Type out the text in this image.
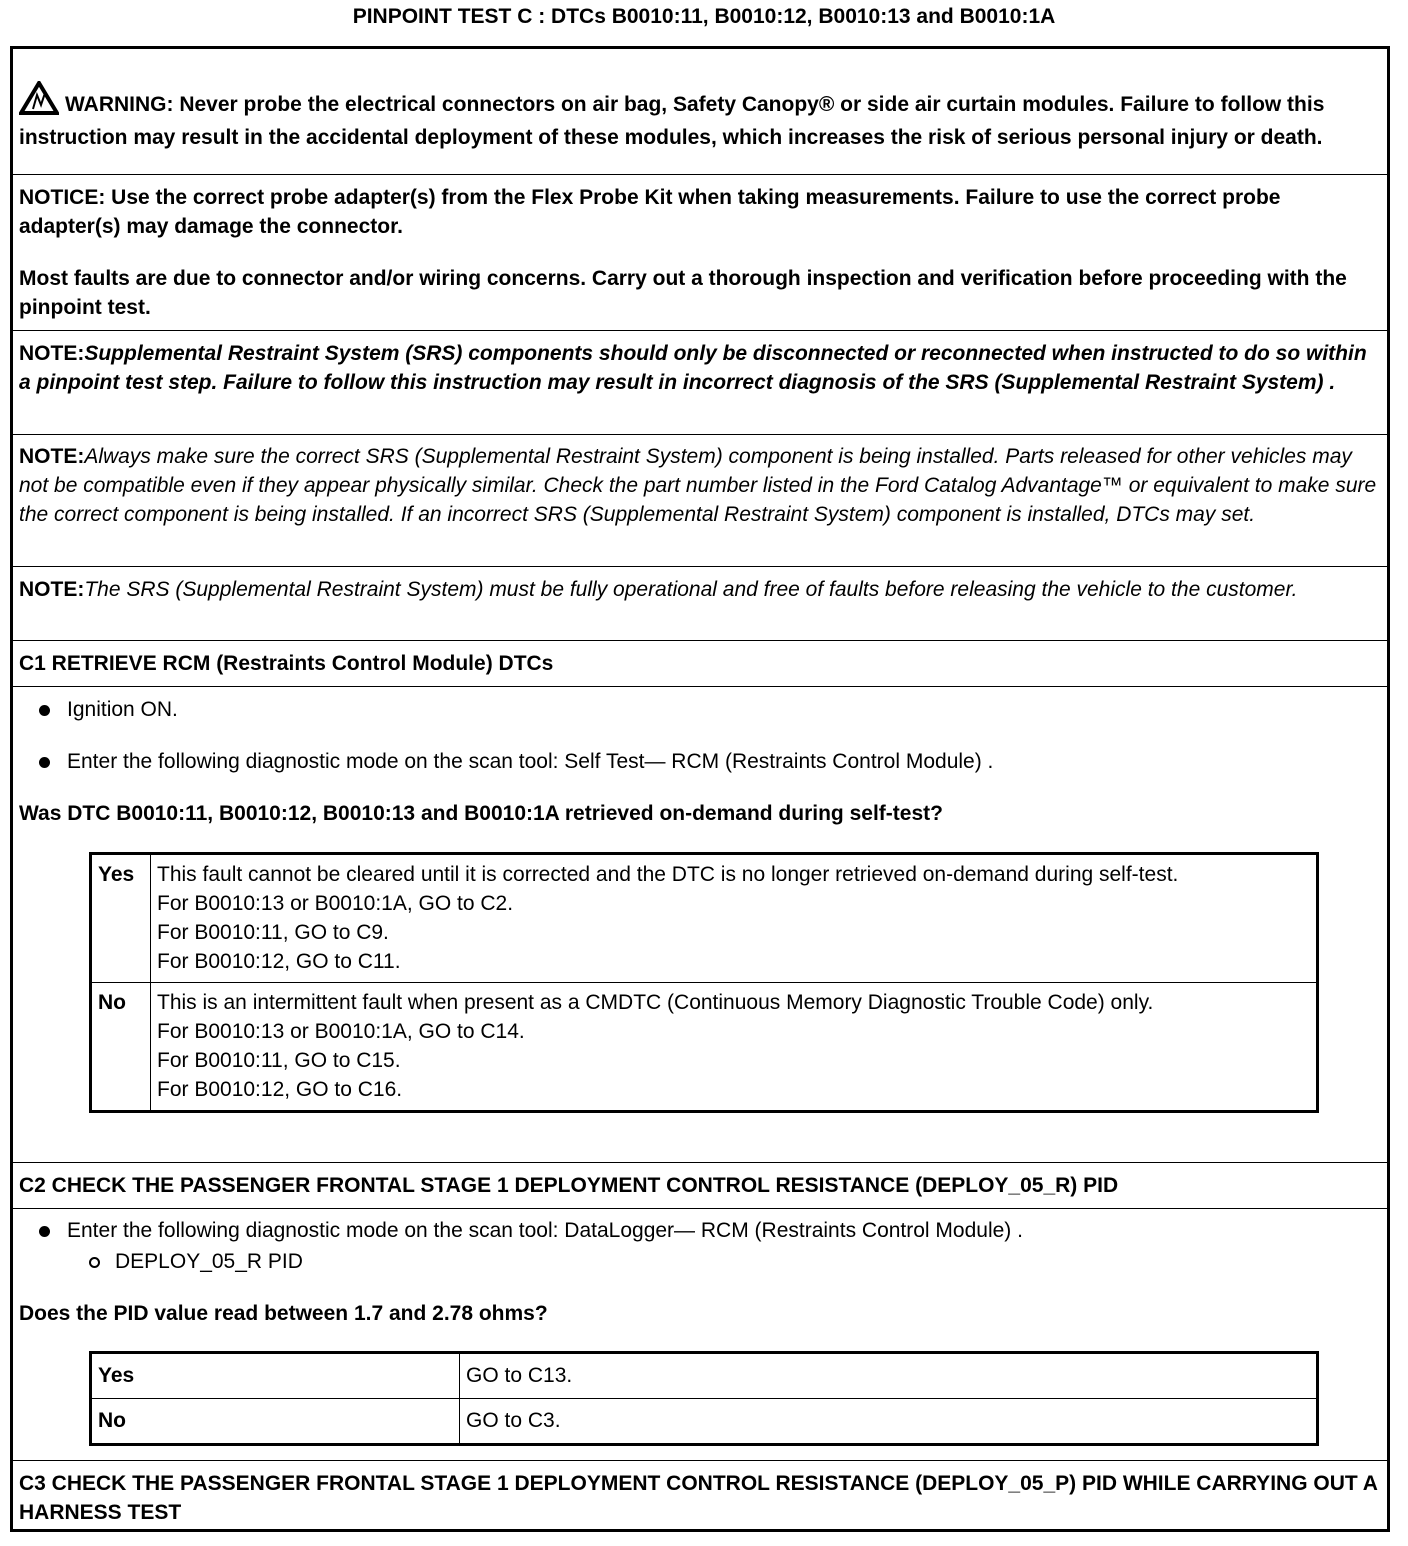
PINPOINT TEST C : DTCs B0010:11, B0010:12, B0010:13 and B0010:1A
WARNING: Never probe the electrical connectors on air bag, Safety Canopy® or side air curtain modules. Failure to follow this instruction may result in the accidental deployment of these modules, which increases the risk of serious personal injury or death.

NOTICE: Use the correct probe adapter(s) from the Flex Probe Kit when taking measurements. Failure to use the correct probe adapter(s) may damage the connector.

Most faults are due to connector and/or wiring concerns. Carry out a thorough inspection and verification before proceeding with the pinpoint test.

NOTE:Supplemental Restraint System (SRS) components should only be disconnected or reconnected when instructed to do so within a pinpoint test step. Failure to follow this instruction may result in incorrect diagnosis of the SRS (Supplemental Restraint System) .
NOTE:Always make sure the correct SRS (Supplemental Restraint System) component is being installed. Parts released for other vehicles may not be compatible even if they appear physically similar. Check the part number listed in the Ford Catalog Advantage™ or equivalent to make sure the correct component is being installed. If an incorrect SRS (Supplemental Restraint System) component is installed, DTCs may set.
NOTE:The SRS (Supplemental Restraint System) must be fully operational and free of faults before releasing the vehicle to the customer.
C1 RETRIEVE RCM (Restraints Control Module) DTCs

Ignition ON.

Enter the following diagnostic mode on the scan tool: Self Test— RCM (Restraints Control Module) .

Was DTC B0010:11, B0010:12, B0010:13 and B0010:1A retrieved on-demand during self-test?

Yes	This fault cannot be cleared until it is corrected and the DTC is no longer retrieved on-demand during self-test.
For B0010:13 or B0010:1A, GO to C2.
For B0010:11, GO to C9.
For B0010:12, GO to C11.

No	This is an intermittent fault when present as a CMDTC (Continuous Memory Diagnostic Trouble Code) only.
For B0010:13 or B0010:1A, GO to C14.
For B0010:11, GO to C15.
For B0010:12, GO to C16.
C2 CHECK THE PASSENGER FRONTAL STAGE 1 DEPLOYMENT CONTROL RESISTANCE (DEPLOY_05_R) PID

Enter the following diagnostic mode on the scan tool: DataLogger— RCM (Restraints Control Module) .

DEPLOY_05_R PID

Does the PID value read between 1.7 and 2.78 ohms?

Yes	GO to C13.
No	GO to C3.
C3 CHECK THE PASSENGER FRONTAL STAGE 1 DEPLOYMENT CONTROL RESISTANCE (DEPLOY_05_P) PID WHILE CARRYING OUT A HARNESS TEST
